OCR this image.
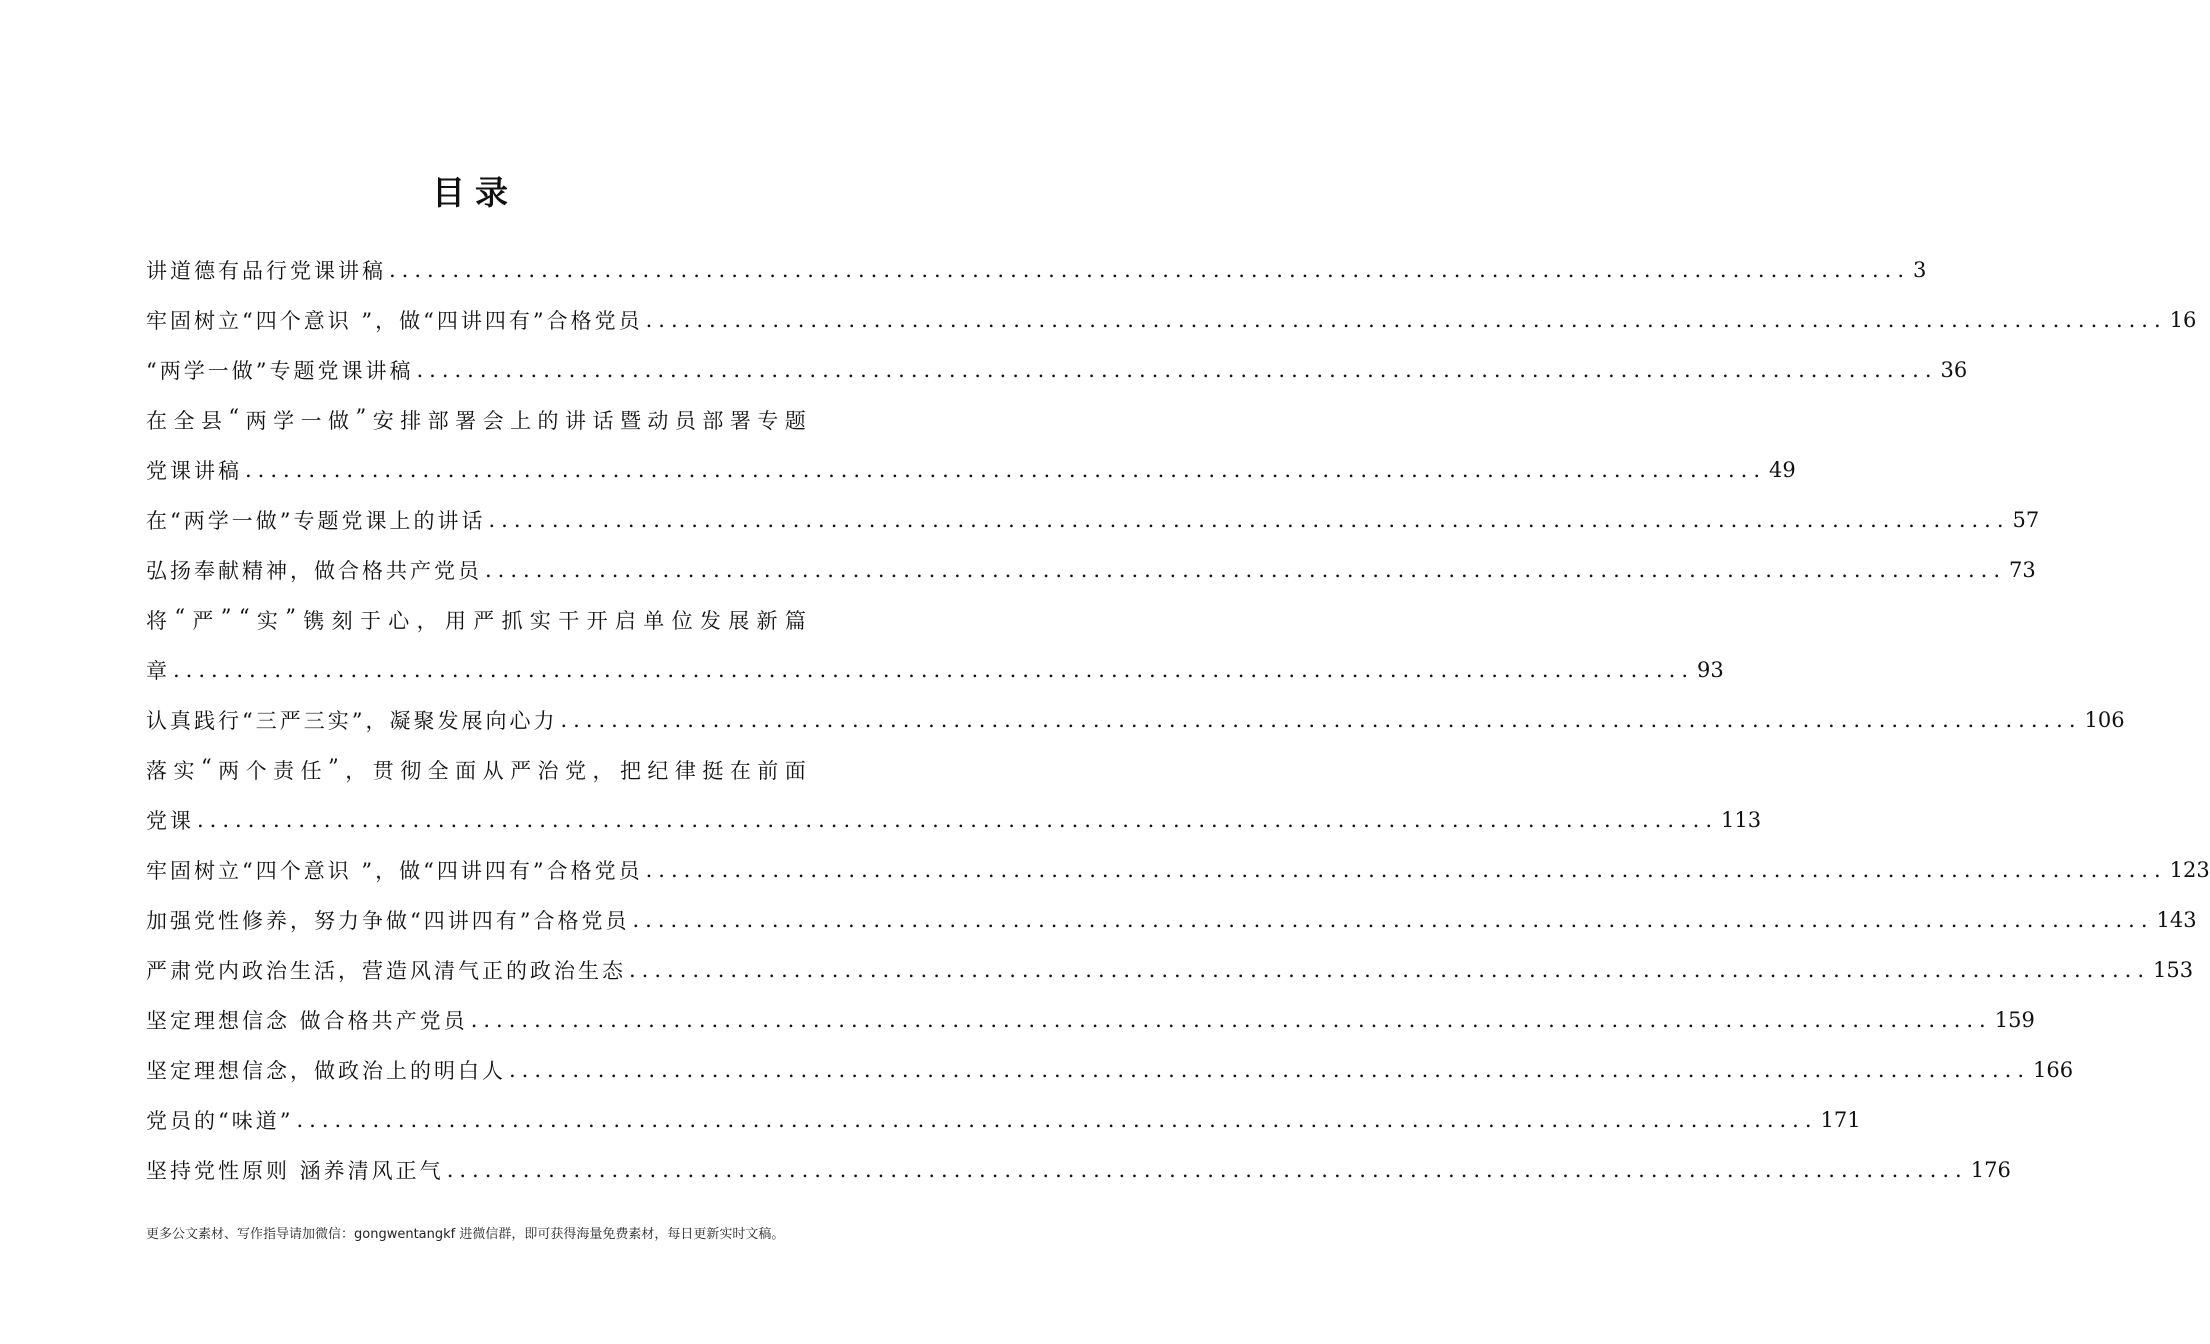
目录
讲道德有品行党课讲稿 ........................................................................................................................ 3
牢固树立“四个意识 ”，做“四讲四有”合格党员 ........................................................................................................................ 16
“两学一做”专题党课讲稿 ........................................................................................................................ 36
在 全 县 “ 两 学 一 做 ” 安 排 部 署 会 上 的 讲 话 暨 动 员 部 署 专 题
党课讲稿 ........................................................................................................................ 49
在“两学一做”专题党课上的讲话 ........................................................................................................................ 57
弘扬奉献精神，做合格共产党员 ........................................................................................................................ 73
将 “ 严 ” “ 实 ” 镌 刻 于 心 ， 用 严 抓 实 干 开 启 单 位 发 展 新 篇
章 ........................................................................................................................ 93
认真践行“三严三实”，凝聚发展向心力 ........................................................................................................................ 106
落 实 “ 两 个 责 任 ” ， 贯 彻 全 面 从 严 治 党 ， 把 纪 律 挺 在 前 面
党课 ........................................................................................................................ 113
牢固树立“四个意识 ”，做“四讲四有”合格党员 ........................................................................................................................ 123
加强党性修养，努力争做“四讲四有”合格党员 ........................................................................................................................ 143
严肃党内政治生活，营造风清气正的政治生态 ........................................................................................................................ 153
坚定理想信念 做合格共产党员 ........................................................................................................................ 159
坚定理想信念，做政治上的明白人 ........................................................................................................................ 166
党员的“味道” ........................................................................................................................ 171
坚持党性原则 涵养清风正气 ........................................................................................................................ 176
更多公文素材、写作指导请加微信：gongwentangkf 进微信群，即可获得海量免费素材，每日更新实时文稿。
